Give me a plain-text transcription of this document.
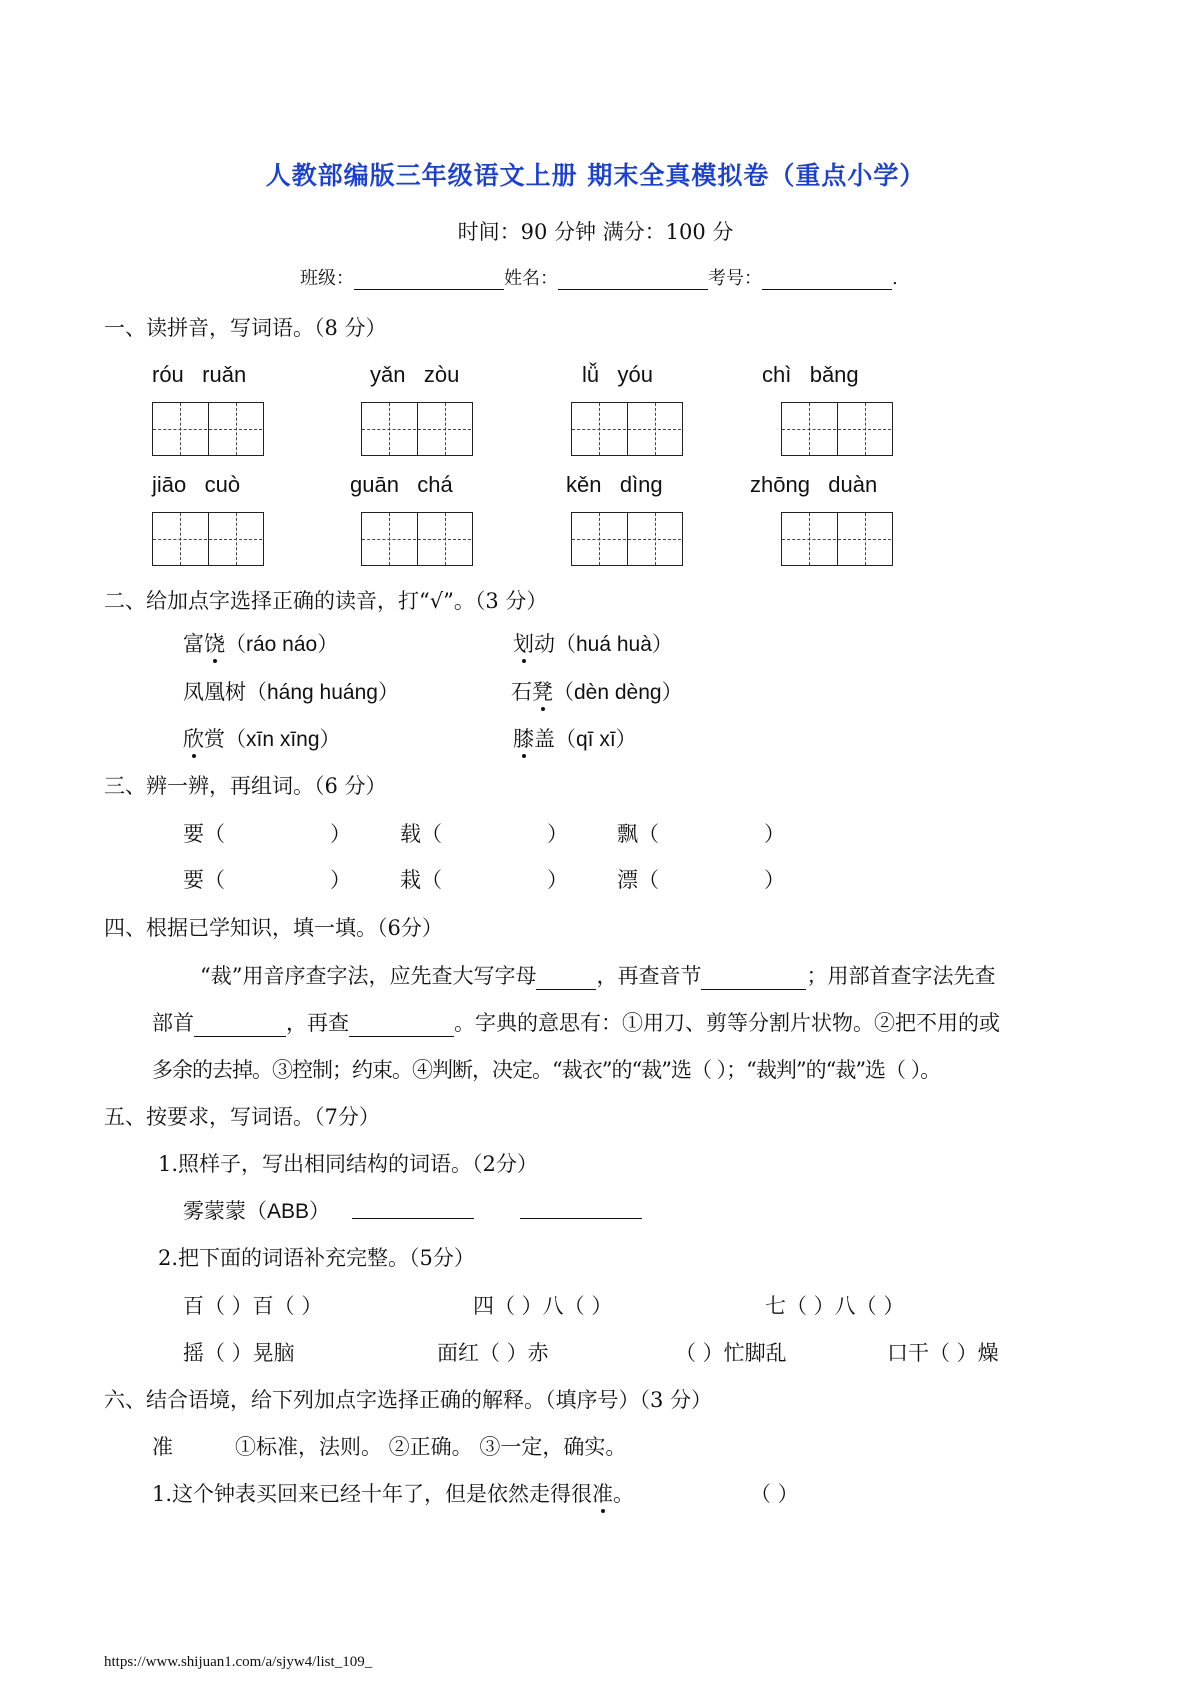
人教部编版三年级语文上册 期末全真模拟卷（重点小学）
时间：90 分钟 满分：100 分
班级：	姓名：	考号：	.
一、读拼音，写词语。（8 分）
róu ruǎn	yǎn zòu	lǚ yóu	chì bǎng
jiāo cuò	guān chá	kěn dìng	zhōng duàn
二、给加点字选择正确的读音，打“√”。（3 分）
富饶（ráo náo）	划动（huá huà）
凤凰树（háng huáng）	石凳（dèn dèng）
欣赏（xīn xīng）	膝盖（qī xī）
三、辨一辨，再组词。（6 分）
要（	） 载（	） 飘（	）
要（	） 栽（	） 漂（	）
四、根据已学知识，填一填。（6分）
“裁”用音序查字法，应先查大写字母	，再查音节	；用部首查字法先查
部首	，再查	。字典的意思有：①用刀、剪等分割片状物。②把不用的或
多余的去掉。③控制；约束。④判断，决定。“裁衣”的“裁”选（ ）；“裁判”的“裁”选（ ）。
五、按要求，写词语。（7分）
1.照样子，写出相同结构的词语。（2分）
雾蒙蒙（ABB）
2.把下面的词语补充完整。（5分）
百（ ）百（ ）	四（ ）八（ ）	七（ ）八（ ）
摇（ ）晃脑	面红（ ）赤	（ ）忙脚乱	口干（ ）燥
六、结合语境，给下列加点字选择正确的解释。（填序号）（3 分）
准	①标准，法则。 ②正确。 ③一定，确实。
1.这个钟表买回来已经十年了，但是依然走得很准。	（ ）
https://www.shijuan1.com/a/sjyw4/list_109_
